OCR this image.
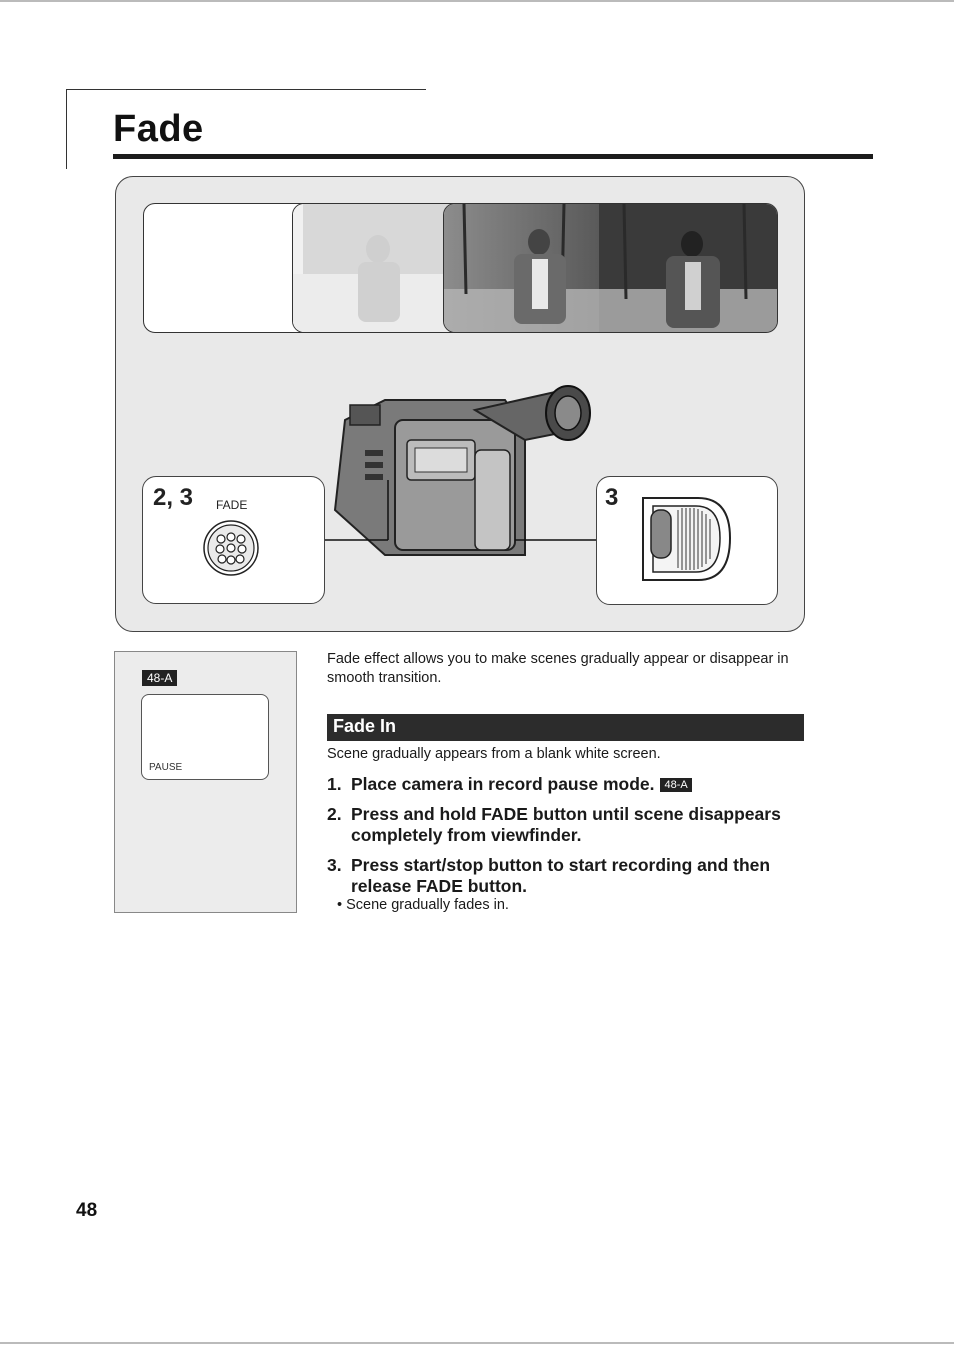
Fade
2, 3 FADE	3
48-A
PAUSE
Fade effect allows you to make scenes gradually appear or disappear in smooth transition.
Fade In
Scene gradually appears from a blank white screen.
1. Place camera in record pause mode. 48-A
2. Press and hold FADE button until scene disappears completely from viewfinder.
3. Press start/stop button to start recording and then release FADE button.
• Scene gradually fades in.
48
